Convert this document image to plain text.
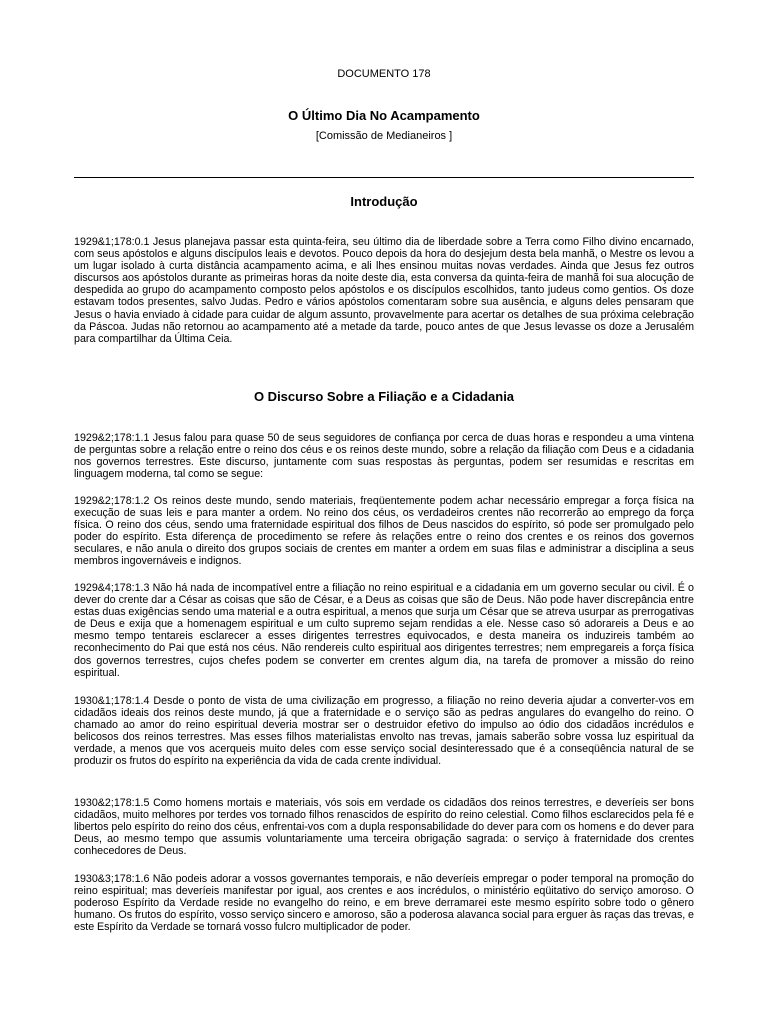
DOCUMENTO 178
O Último Dia No Acampamento
[Comissão de Medianeiros ]
Introdução
1929&1;178:0.1 Jesus planejava passar esta quinta-feira, seu último dia de liberdade sobre a Terra como Filho divino encarnado, com seus apóstolos e alguns discípulos leais e devotos. Pouco depois da hora do desjejum desta bela manhã, o Mestre os levou a um lugar isolado à curta distância acampamento acima, e ali lhes ensinou muitas novas verdades. Ainda que Jesus fez outros discursos aos apóstolos durante as primeiras horas da noite deste dia, esta conversa da quinta-feira de manhã foi sua alocução de despedida ao grupo do acampamento composto pelos apóstolos e os discípulos escolhidos, tanto judeus como gentios. Os doze estavam todos presentes, salvo Judas. Pedro e vários apóstolos comentaram sobre sua ausência, e alguns deles pensaram que Jesus o havia enviado à cidade para cuidar de algum assunto, provavelmente para acertar os detalhes de sua próxima celebração da Páscoa. Judas não retornou ao acampamento até a metade da tarde, pouco antes de que Jesus levasse os doze a Jerusalém para compartilhar da Última Ceia.
O Discurso Sobre a Filiação e a Cidadania
1929&2;178:1.1 Jesus falou para quase 50 de seus seguidores de confiança por cerca de duas horas e respondeu a uma vintena de perguntas sobre a relação entre o reino dos céus e os reinos deste mundo, sobre a relação da filiação com Deus e a cidadania nos governos terrestres. Este discurso, juntamente com suas respostas às perguntas, podem ser resumidas e rescritas em linguagem moderna, tal como se segue:
1929&2;178:1.2 Os reinos deste mundo, sendo materiais, freqüentemente podem achar necessário empregar a força física na execução de suas leis e para manter a ordem. No reino dos céus, os verdadeiros crentes não recorrerão ao emprego da força física. O reino dos céus, sendo uma fraternidade espiritual dos filhos de Deus nascidos do espírito, só pode ser promulgado pelo poder do espírito. Esta diferença de procedimento se refere às relações entre o reino dos crentes e os reinos dos governos seculares, e não anula o direito dos grupos sociais de crentes em manter a ordem em suas filas e administrar a disciplina a seus membros ingovernáveis e indignos.
1929&4;178:1.3 Não há nada de incompatível entre a filiação no reino espiritual e a cidadania em um governo secular ou civil. É o dever do crente dar a César as coisas que são de César, e a Deus as coisas que são de Deus. Não pode haver discrepância entre estas duas exigências sendo uma material e a outra espiritual, a menos que surja um César que se atreva usurpar as prerrogativas de Deus e exija que a homenagem espiritual e um culto supremo sejam rendidas a ele. Nesse caso só adorareis a Deus e ao mesmo tempo tentareis esclarecer a esses dirigentes terrestres equivocados, e desta maneira os induzireis também ao reconhecimento do Pai que está nos céus. Não rendereis culto espiritual aos dirigentes terrestres; nem empregareis a força física dos governos terrestres, cujos chefes podem se converter em crentes algum dia, na tarefa de promover a missão do reino espiritual.
1930&1;178:1.4 Desde o ponto de vista de uma civilização em progresso, a filiação no reino deveria ajudar a converter-vos em cidadãos ideais dos reinos deste mundo, já que a fraternidade e o serviço são as pedras angulares do evangelho do reino. O chamado ao amor do reino espiritual deveria mostrar ser o destruidor efetivo do impulso ao ódio dos cidadãos incrédulos e belicosos dos reinos terrestres. Mas esses filhos materialistas envolto nas trevas, jamais saberão sobre vossa luz espiritual da verdade, a menos que vos acerqueis muito deles com esse serviço social desinteressado que é a conseqüência natural de se produzir os frutos do espírito na experiência da vida de cada crente individual.
1930&2;178:1.5 Como homens mortais e materiais, vós sois em verdade os cidadãos dos reinos terrestres, e deveríeis ser bons cidadãos, muito melhores por terdes vos tornado filhos renascidos de espírito do reino celestial. Como filhos esclarecidos pela fé e libertos pelo espírito do reino dos céus, enfrentai-vos com a dupla responsabilidade do dever para com os homens e do dever para Deus, ao mesmo tempo que assumis voluntariamente uma terceira obrigação sagrada: o serviço à fraternidade dos crentes conhecedores de Deus.
1930&3;178:1.6 Não podeis adorar a vossos governantes temporais, e não deveríeis empregar o poder temporal na promoção do reino espiritual; mas deveríeis manifestar por igual, aos crentes e aos incrédulos, o ministério eqüitativo do serviço amoroso. O poderoso Espírito da Verdade reside no evangelho do reino, e em breve derramarei este mesmo espírito sobre todo o gênero humano. Os frutos do espírito, vosso serviço sincero e amoroso, são a poderosa alavanca social para erguer às raças das trevas, e este Espírito da Verdade se tornará vosso fulcro multiplicador de poder.
